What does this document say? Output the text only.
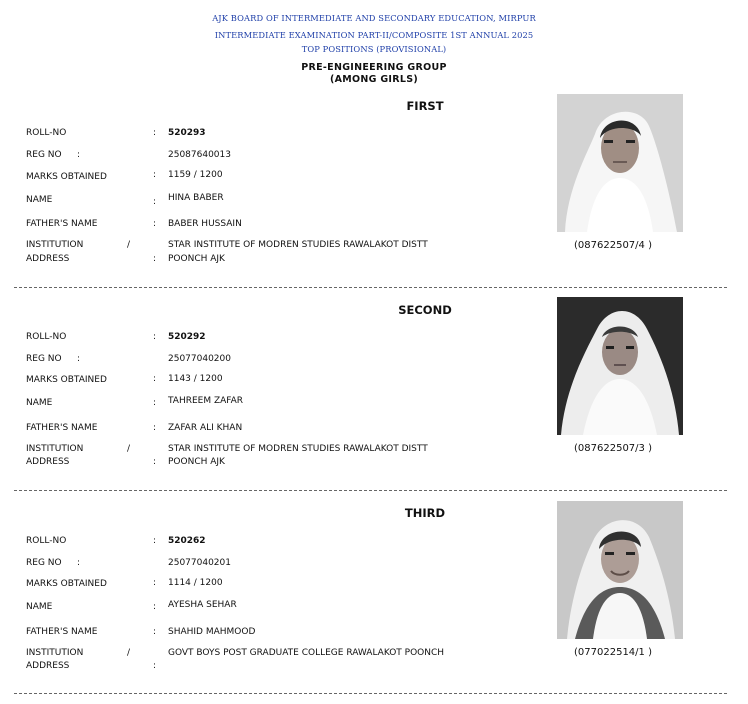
AJK BOARD OF INTERMEDIATE AND SECONDARY EDUCATION, MIRPUR
INTERMEDIATE EXAMINATION PART-II/COMPOSITE 1ST ANNUAL 2025
TOP POSITIONS (PROVISIONAL)
PRE-ENGINEERING GROUP
(AMONG GIRLS)
FIRST
ROLL-NO	: 520293
REG NO :	25087640013
MARKS OBTAINED	: 1159 / 1200
NAME	: HINA BABER
FATHER'S NAME	: BABER HUSSAIN
INSTITUTION	/
ADDRESS	:
STAR INSTITUTE OF MODREN STUDIES RAWALAKOT DISTT
POONCH AJK
(087622507/4 )
SECOND
ROLL-NO	: 520292
REG NO :	25077040200
MARKS OBTAINED	: 1143 / 1200
NAME	: TAHREEM ZAFAR
FATHER'S NAME	: ZAFAR ALI KHAN
INSTITUTION	/
ADDRESS	:
STAR INSTITUTE OF MODREN STUDIES RAWALAKOT DISTT
POONCH AJK
(087622507/3 )
THIRD
ROLL-NO	: 520262
REG NO :	25077040201
MARKS OBTAINED	: 1114 / 1200
NAME	: AYESHA SEHAR
FATHER'S NAME	: SHAHID MAHMOOD
INSTITUTION	/
ADDRESS	:
GOVT BOYS POST GRADUATE COLLEGE RAWALAKOT POONCH	(077022514/1 )
